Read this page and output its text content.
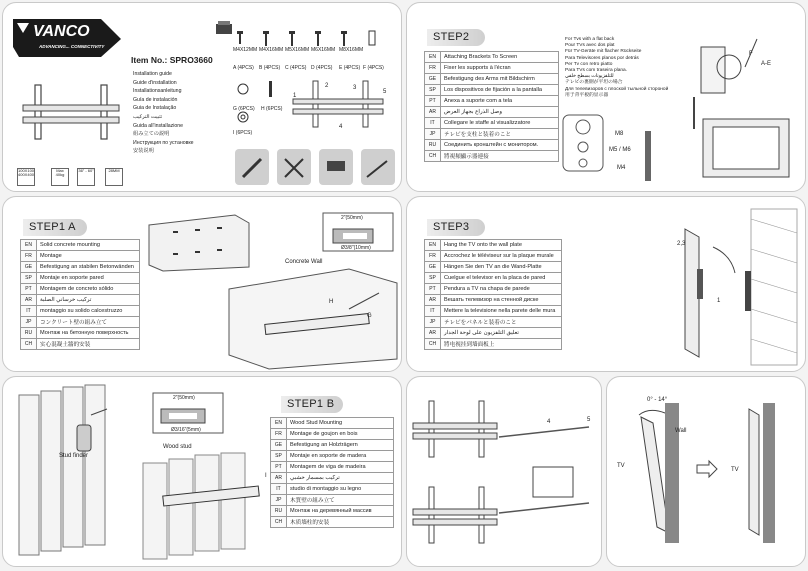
VANCO
ADVANCING... CONNECTIVITY
Item No.: SPRO3660
Installation guide
Guide d'installation
Installationsanleitung
Guía de instalación
Guia de Instalação
تثبيت التركيب
Guida all'installazione
組み立ての説明
Инструкция по установке
安装说明
100X100 400X400
Max 40kg
36" - 60"	28MM
M4X12MM M4X16MM M5X16MM M6X16MM M8X16MM
A (4PCS) B (4PCS) C (4PCS) D (4PCS) E (4PCS) F (4PCS)
G (6PCS) H (6PCS)
I (6PCS)
1
2	3
4
5
STEP2
EN	Attaching Brackets To Screen
FR	Fixer les supports à l'écran
GE	Befestigung des Arms mit Bildschirm
SP	Los dispositivos de fijación a la pantalla
PT	Anexa a suporte com a tela
AR	وصل الذراع بجهاز العرض
IT	Collegare le staffe al visualizzatore
JP	テレビを支柱と装着のこと
RU	Соединить кронштейн с монитором.
CH	將視頻顯示器連接
For Tvs with a flat back
Pour TVs avec dos plat
Für TV-Geräte mit flacher Rückseite
Para Televisores planos por detrás
Per Tv con retro piatto
Para TVs com traseira plana.
للتلفزيونات بسطح خلفي
テレビの裏側が平坦の場合
Для телевизоров с плоской тыльной стороной
用于背平板的显示器
M8
M5 / M6
M4
F
A-E
STEP1 A
EN	Solid concrete mounting
FR	Montage
GE	Befestigung an stabilen Betonwänden
SP	Montaje en soporte pared
PT	Montagem de concreto sólido
AR	تركيب خرساني الصلبة
IT	montaggio su solido calcestruzzo
JP	コンクリート壁の組み立て
RU	Монтаж на бетонную поверхность
CH	实心混凝土牆的安装
2"(50mm)
Ø3/8"(10mm)
Concrete Wall
H
G
STEP3
EN	Hang the TV onto the wall plate
FR	Accrochez le téléviseur sur la plaque murale
GE	Hängen Sie den TV an die Wand-Platte
SP	Cuelgue el televisor en la placa de pared
PT	Pendura a TV na chapa de parede
AR	Вешать телевизор на стенной диске
IT	Mettere la televisione nella parete delle mura
JP	テレビをパネルと装着のこと
AR	تعليق التلفزيون على لوحة الجدار
CH	將电视挂到墙面板上
2,3
1
Stud finder
2"(50mm)
Ø3/16"(5mm)
Wood stud
I
STEP1 B
EN	Wood Stud Mounting
FR	Montage de goujon en bois
GE	Befestigung an Holzträgern
SP	Montaje en soporte de madera
PT	Montagem de viga de madeira
AR	تركيب بمسمار خشبي
IT	studio di montaggio su legno
JP	木質壁の組み立て
RU	Монтаж на деревянный массив
CH	木质墙柱的安装
4	5
0° - 14°
Wall
TV
TV
